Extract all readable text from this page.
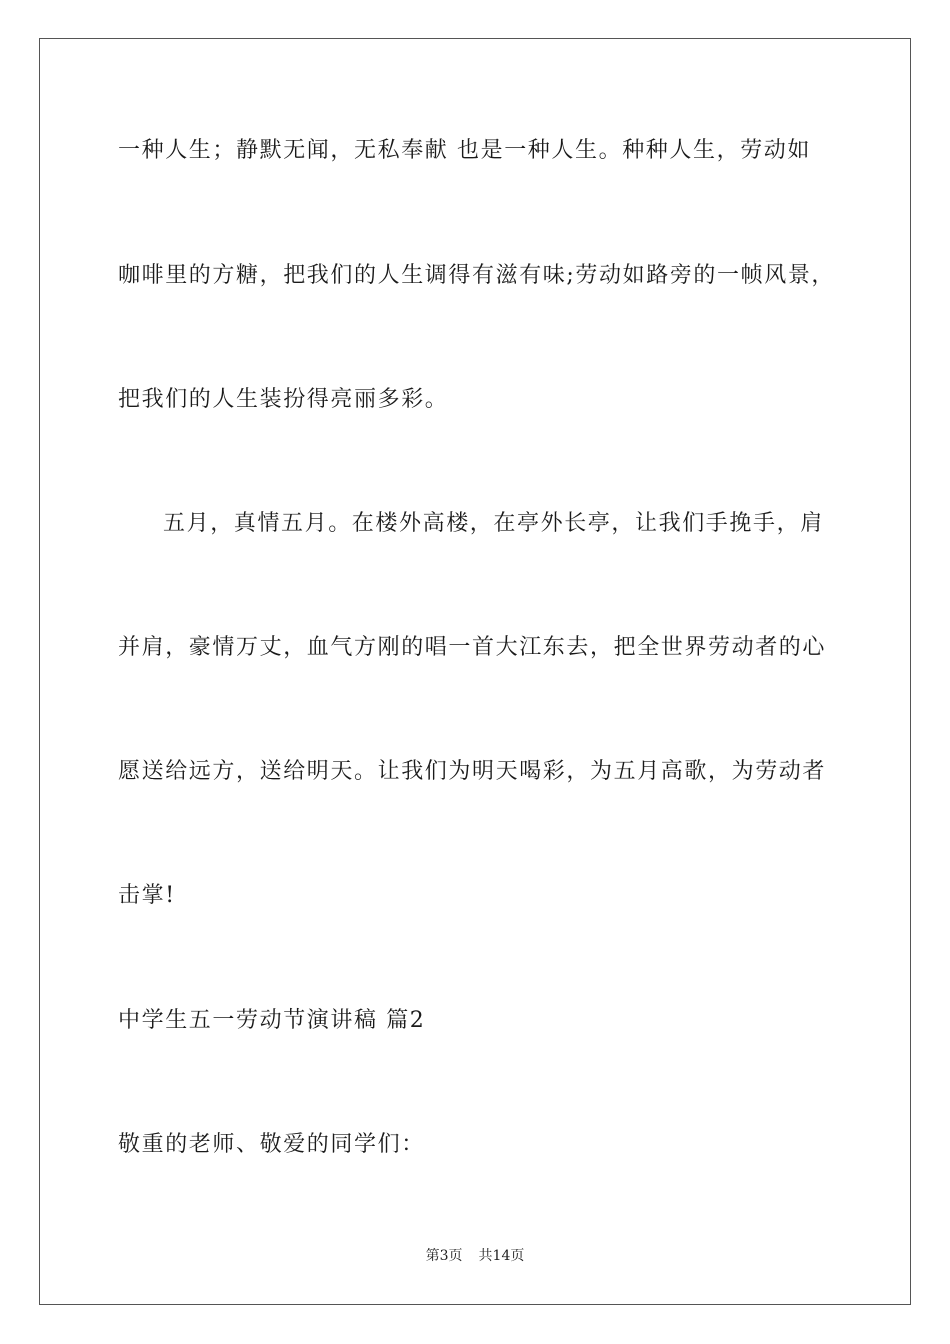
一种人生；静默无闻，无私奉献 也是一种人生。种种人生，劳动如
咖啡里的方糖，把我们的人生调得有滋有味;劳动如路旁的一帧风景，
把我们的人生装扮得亮丽多彩。
五月，真情五月。在楼外高楼，在亭外长亭，让我们手挽手，肩
并肩，豪情万丈，血气方刚的唱一首大江东去，把全世界劳动者的心
愿送给远方，送给明天。让我们为明天喝彩，为五月高歌，为劳动者
击掌!
中学生五一劳动节演讲稿 篇2
敬重的老师、敬爱的同学们：
第3页 共14页
